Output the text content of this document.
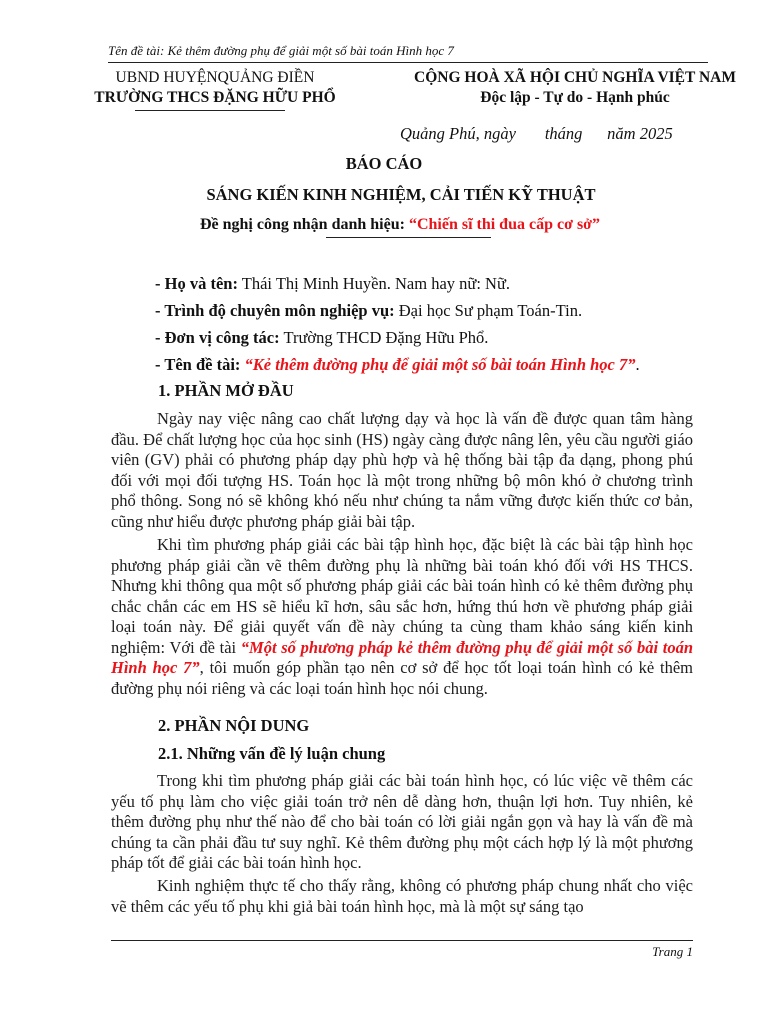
Tên đề tài: Kẻ thêm đường phụ để giải một số bài toán Hình học 7
UBND HUYỆNQUẢNG ĐIỀN
TRƯỜNG THCS ĐẶNG HỮU PHỔ
CỘNG HOÀ XÃ HỘI CHỦ NGHĨA VIỆT NAM
Độc lập - Tự do - Hạnh phúc
Quảng Phú, ngày       tháng      năm 2025
BÁO CÁO
SÁNG KIẾN KINH NGHIỆM, CẢI TIẾN KỸ THUẬT
Đề nghị công nhận danh hiệu: “Chiến sĩ thi đua cấp cơ sở”
- Họ và tên: Thái Thị Minh Huyền. Nam hay nữ: Nữ.
- Trình độ chuyên môn nghiệp vụ: Đại học Sư phạm Toán-Tin.
- Đơn vị công tác: Trường THCD Đặng Hữu Phổ.
- Tên đề tài: “Kẻ thêm đường phụ để giải một số bài toán Hình học 7”.
1. PHẦN MỞ ĐẦU

Ngày nay việc nâng cao chất lượng dạy và học là vấn đề được quan tâm hàng đầu. Để chất lượng học của học sinh (HS) ngày càng được nâng lên, yêu cầu người giáo viên (GV) phải có phương pháp dạy phù hợp và hệ thống bài tập đa dạng, phong phú đối với mọi đối tượng HS. Toán học là một trong những bộ môn khó ở chương trình phổ thông. Song nó sẽ không khó nếu như chúng ta nắm vững được kiến thức cơ bản, cũng như hiểu được phương pháp giải bài tập.

Khi tìm phương pháp giải các bài tập hình học, đặc biệt là các bài tập hình học phương pháp giải cần vẽ thêm đường phụ là những bài toán khó đối với HS THCS. Nhưng khi thông qua một số phương pháp giải các bài toán hình có kẻ thêm đường phụ chắc chắn các em HS sẽ hiểu kĩ hơn, sâu sắc hơn, hứng thú hơn về phương pháp giải loại toán này. Để giải quyết vấn đề này chúng ta cùng tham khảo sáng kiến kinh nghiệm: Với đề tài “Một số phương pháp kẻ thêm đường phụ để giải một số bài toán Hình học 7”, tôi muốn góp phần tạo nên cơ sở để học tốt loại toán hình có kẻ thêm đường phụ nói riêng và các loại toán hình học nói chung.

2. PHẦN NỘI DUNG
2.1. Những vấn đề lý luận chung

Trong khi tìm phương pháp giải các bài toán hình học, có lúc việc vẽ thêm các yếu tố phụ làm cho việc giải toán trở nên dễ dàng hơn, thuận lợi hơn. Tuy nhiên, kẻ thêm đường phụ như thế nào để cho bài toán có lời giải ngắn gọn và hay là vấn đề mà chúng ta cần phải đầu tư suy nghĩ. Kẻ thêm đường phụ một cách hợp lý là một phương pháp tốt để giải các bài toán hình học.

Kinh nghiệm thực tế cho thấy rằng, không có phương pháp chung nhất cho việc vẽ thêm các yếu tố phụ khi giả bài toán hình học, mà là một sự sáng tạo

Trang 1
